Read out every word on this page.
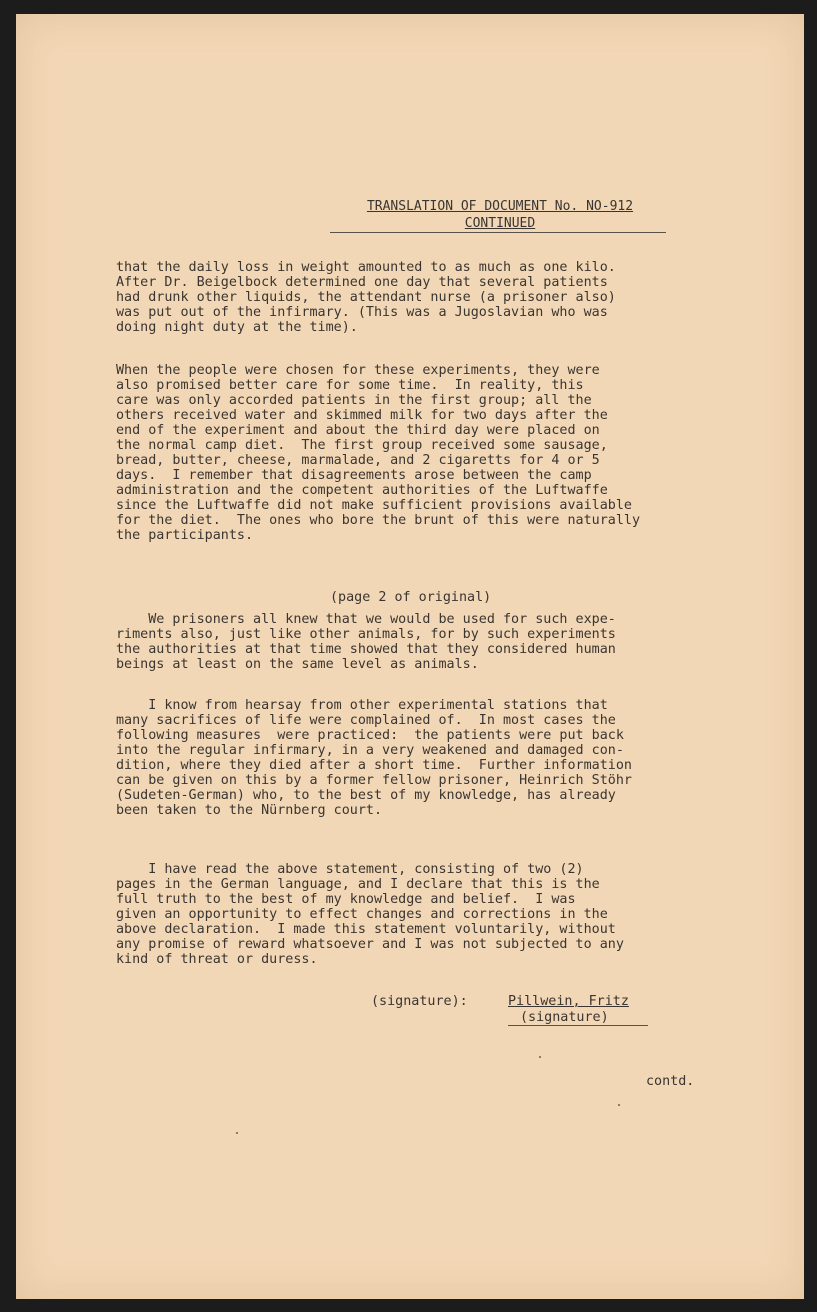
TRANSLATION OF DOCUMENT No. NO-912
CONTINUED
that the daily loss in weight amounted to as much as one kilo.
After Dr. Beigelbock determined one day that several patients
had drunk other liquids, the attendant nurse (a prisoner also)
was put out of the infirmary. (This was a Jugoslavian who was
doing night duty at the time).
When the people were chosen for these experiments, they were
also promised better care for some time.  In reality, this
care was only accorded patients in the first group; all the
others received water and skimmed milk for two days after the
end of the experiment and about the third day were placed on
the normal camp diet.  The first group received some sausage,
bread, butter, cheese, marmalade, and 2 cigaretts for 4 or 5
days.  I remember that disagreements arose between the camp
administration and the competent authorities of the Luftwaffe
since the Luftwaffe did not make sufficient provisions available
for the diet.  The ones who bore the brunt of this were naturally
the participants.
(page 2 of original)
We prisoners all knew that we would be used for such expe-
riments also, just like other animals, for by such experiments
the authorities at that time showed that they considered human
beings at least on the same level as animals.
I know from hearsay from other experimental stations that
many sacrifices of life were complained of.  In most cases the
following measures  were practiced:  the patients were put back
into the regular infirmary, in a very weakened and damaged con-
dition, where they died after a short time.  Further information
can be given on this by a former fellow prisoner, Heinrich Stöhr
(Sudeten-German) who, to the best of my knowledge, has already
been taken to the Nürnberg court.
I have read the above statement, consisting of two (2)
pages in the German language, and I declare that this is the
full truth to the best of my knowledge and belief.  I was
given an opportunity to effect changes and corrections in the
above declaration.  I made this statement voluntarily, without
any promise of reward whatsoever and I was not subjected to any
kind of threat or duress.
(signature):	Pillwein, Fritz
(signature)
contd.
